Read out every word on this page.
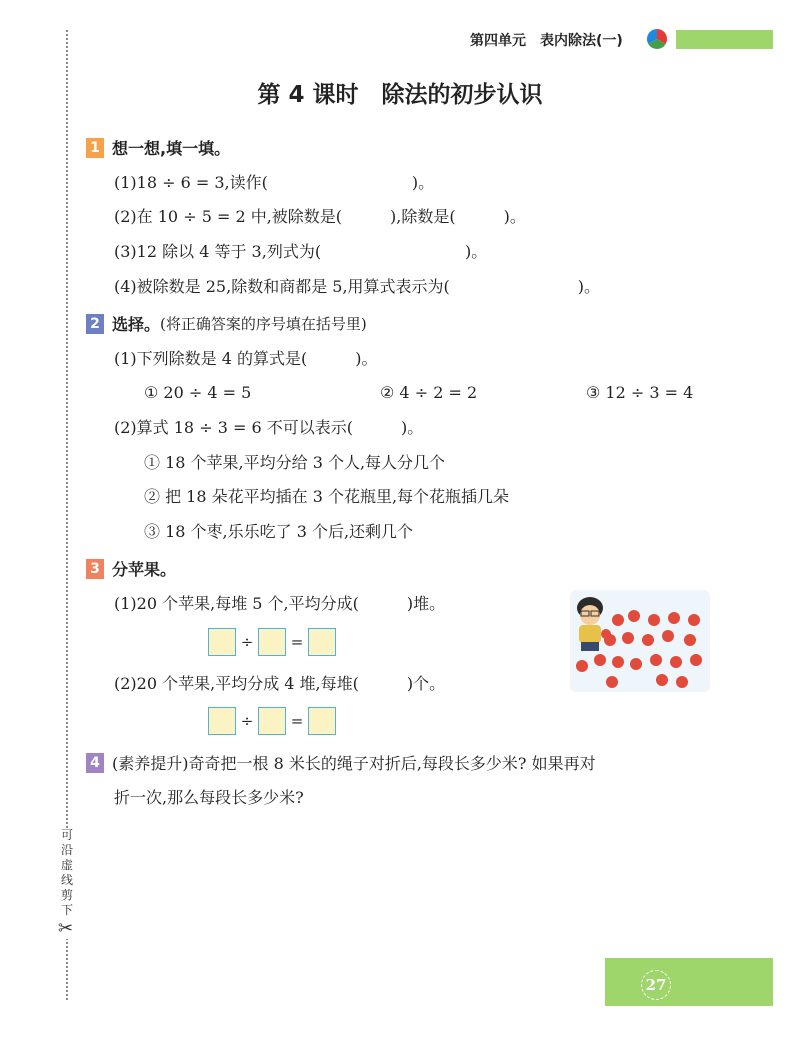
可
沿
虚
线
剪
下
✂
第四单元　表内除法(一)
第 4 课时　除法的初步认识
1 想一想,填一填。
(1)18 ÷ 6 = 3,读作(　　　　　　　　　)。
(2)在 10 ÷ 5 = 2 中,被除数是(　　　),除数是(　　　)。
(3)12 除以 4 等于 3,列式为(　　　　　　　　　)。
(4)被除数是 25,除数和商都是 5,用算式表示为(　　　　　　　　)。
2 选择。(将正确答案的序号填在括号里)
(1)下列除数是 4 的算式是(　　　)。
① 20 ÷ 4 = 5	② 4 ÷ 2 = 2	③ 12 ÷ 3 = 4
(2)算式 18 ÷ 3 = 6 不可以表示(　　　)。
① 18 个苹果,平均分给 3 个人,每人分几个
② 把 18 朵花平均插在 3 个花瓶里,每个花瓶插几朵
③ 18 个枣,乐乐吃了 3 个后,还剩几个
3 分苹果。
(1)20 个苹果,每堆 5 个,平均分成(　　　)堆。
÷	=
(2)20 个苹果,平均分成 4 堆,每堆(　　　)个。
÷	=
4 (素养提升)奇奇把一根 8 米长的绳子对折后,每段长多少米? 如果再对
折一次,那么每段长多少米?
27
